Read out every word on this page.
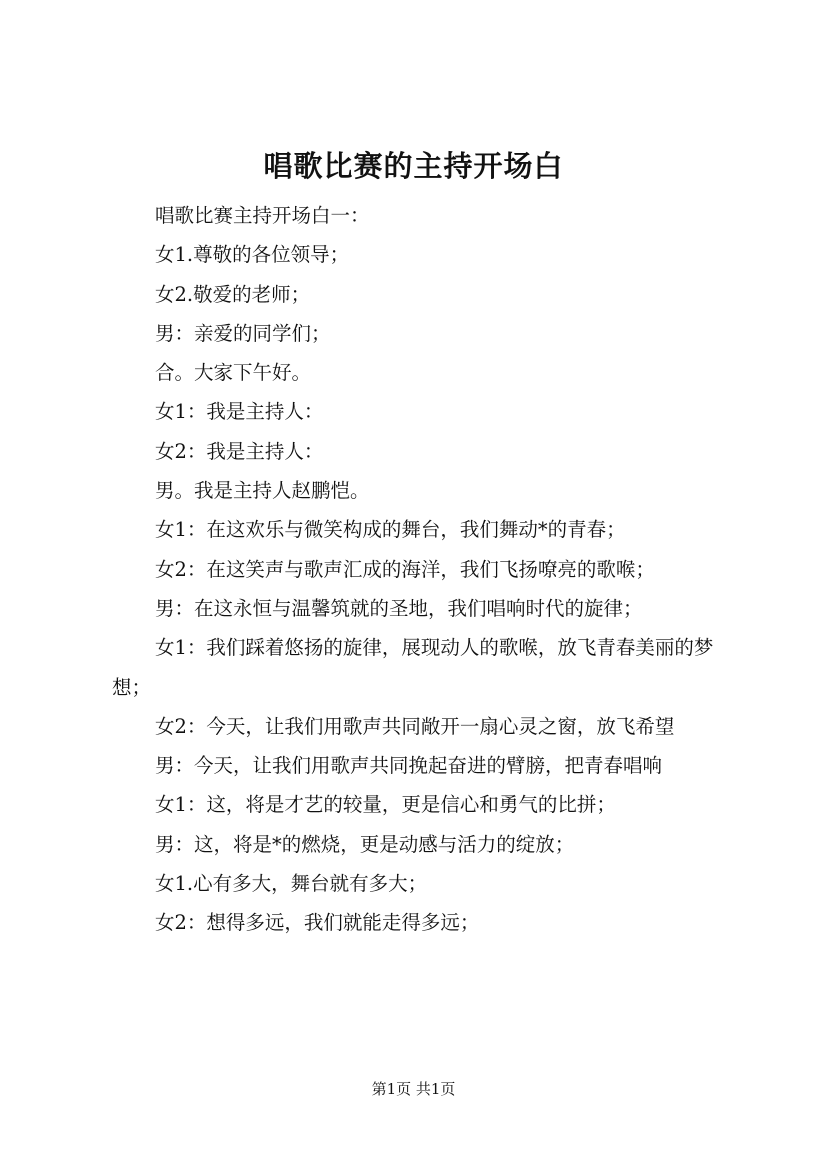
唱歌比赛的主持开场白

唱歌比赛主持开场白一：

女1.尊敬的各位领导；

女2.敬爱的老师；

男：亲爱的同学们；

合。大家下午好。

女1：我是主持人：

女2：我是主持人：

男。我是主持人赵鹏恺。

女1：在这欢乐与微笑构成的舞台，我们舞动*的青春；

女2：在这笑声与歌声汇成的海洋，我们飞扬嘹亮的歌喉；

男：在这永恒与温馨筑就的圣地，我们唱响时代的旋律；

女1：我们踩着悠扬的旋律，展现动人的歌喉，放飞青春美丽的梦想；

女2：今天，让我们用歌声共同敞开一扇心灵之窗，放飞希望

男：今天，让我们用歌声共同挽起奋进的臂膀，把青春唱响

女1：这，将是才艺的较量，更是信心和勇气的比拼；

男：这，将是*的燃烧，更是动感与活力的绽放；

女1.心有多大，舞台就有多大；

女2：想得多远，我们就能走得多远；

第1页 共1页
